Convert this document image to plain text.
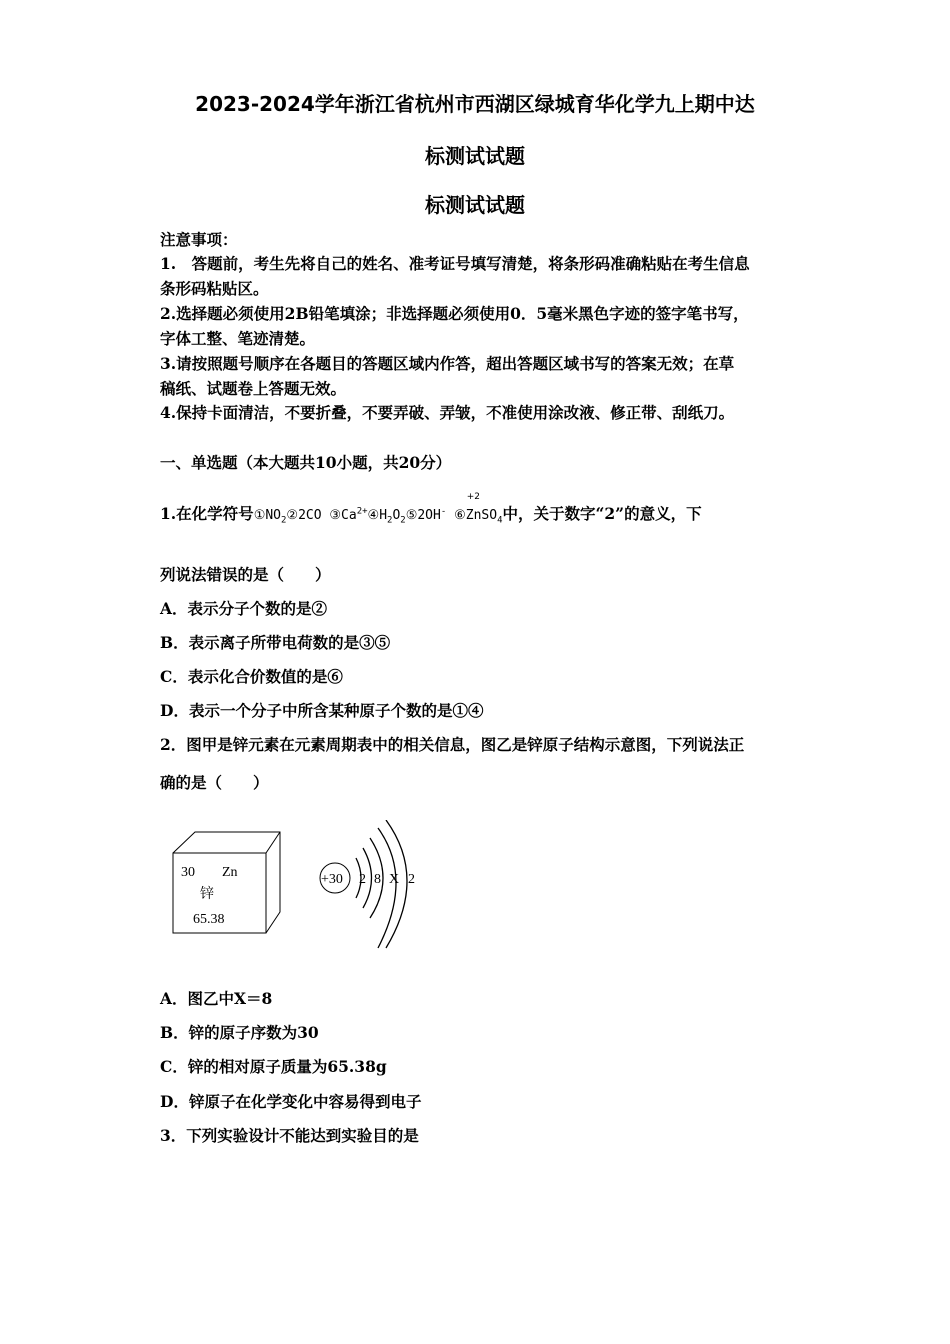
2023-2024学年浙江省杭州市西湖区绿城育华化学九上期中达
标测试试题
标测试试题
注意事项：
1.　答题前，考生先将自己的姓名、准考证号填写清楚，将条形码准确粘贴在考生信息
条形码粘贴区。
2.选择题必须使用2B铅笔填涂；非选择题必须使用0．5毫米黑色字迹的签字笔书写，
字体工整、笔迹清楚。
3.请按照题号顺序在各题目的答题区域内作答，超出答题区域书写的答案无效；在草
稿纸、试题卷上答题无效。
4.保持卡面清洁，不要折叠，不要弄破、弄皱，不准使用涂改液、修正带、刮纸刀。
一、单选题（本大题共10小题，共20分）
1.在化学符号$①NO_2②2CO$ $③Ca^{2+}④H_2O_2⑤2OH^-$ ⑥
+2
ZnSO$_4$中，关于数字“2”的意义，下
列说法错误的是（　　）
A．表示分子个数的是②
B．表示离子所带电荷数的是③⑤
C．表示化合价数值的是⑥
D．表示一个分子中所含某种原子个数的是①④
2．图甲是锌元素在元素周期表中的相关信息，图乙是锌原子结构示意图，下列说法正
确的是（　　）
30 Zn
锌
65.38
+30 2 8 X 2
A．图乙中X＝8
B．锌的原子序数为30
C．锌的相对原子质量为65.38g
D．锌原子在化学变化中容易得到电子
3．下列实验设计不能达到实验目的是
